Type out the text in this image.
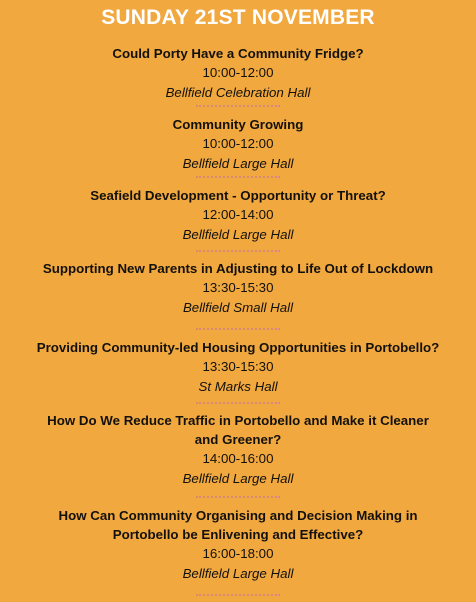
SUNDAY 21ST NOVEMBER
Could Porty Have a Community Fridge?
10:00-12:00
Bellfield Celebration Hall
Community Growing
10:00-12:00
Bellfield Large Hall
Seafield Development - Opportunity or Threat?
12:00-14:00
Bellfield Large Hall
Supporting New Parents in Adjusting to Life Out of Lockdown
13:30-15:30
Bellfield Small Hall
Providing Community-led Housing Opportunities in Portobello?
13:30-15:30
St Marks Hall
How Do We Reduce Traffic in Portobello and Make it Cleaner and Greener?
14:00-16:00
Bellfield Large Hall
How Can Community Organising and Decision Making in Portobello be Enlivening and Effective?
16:00-18:00
Bellfield Large Hall
